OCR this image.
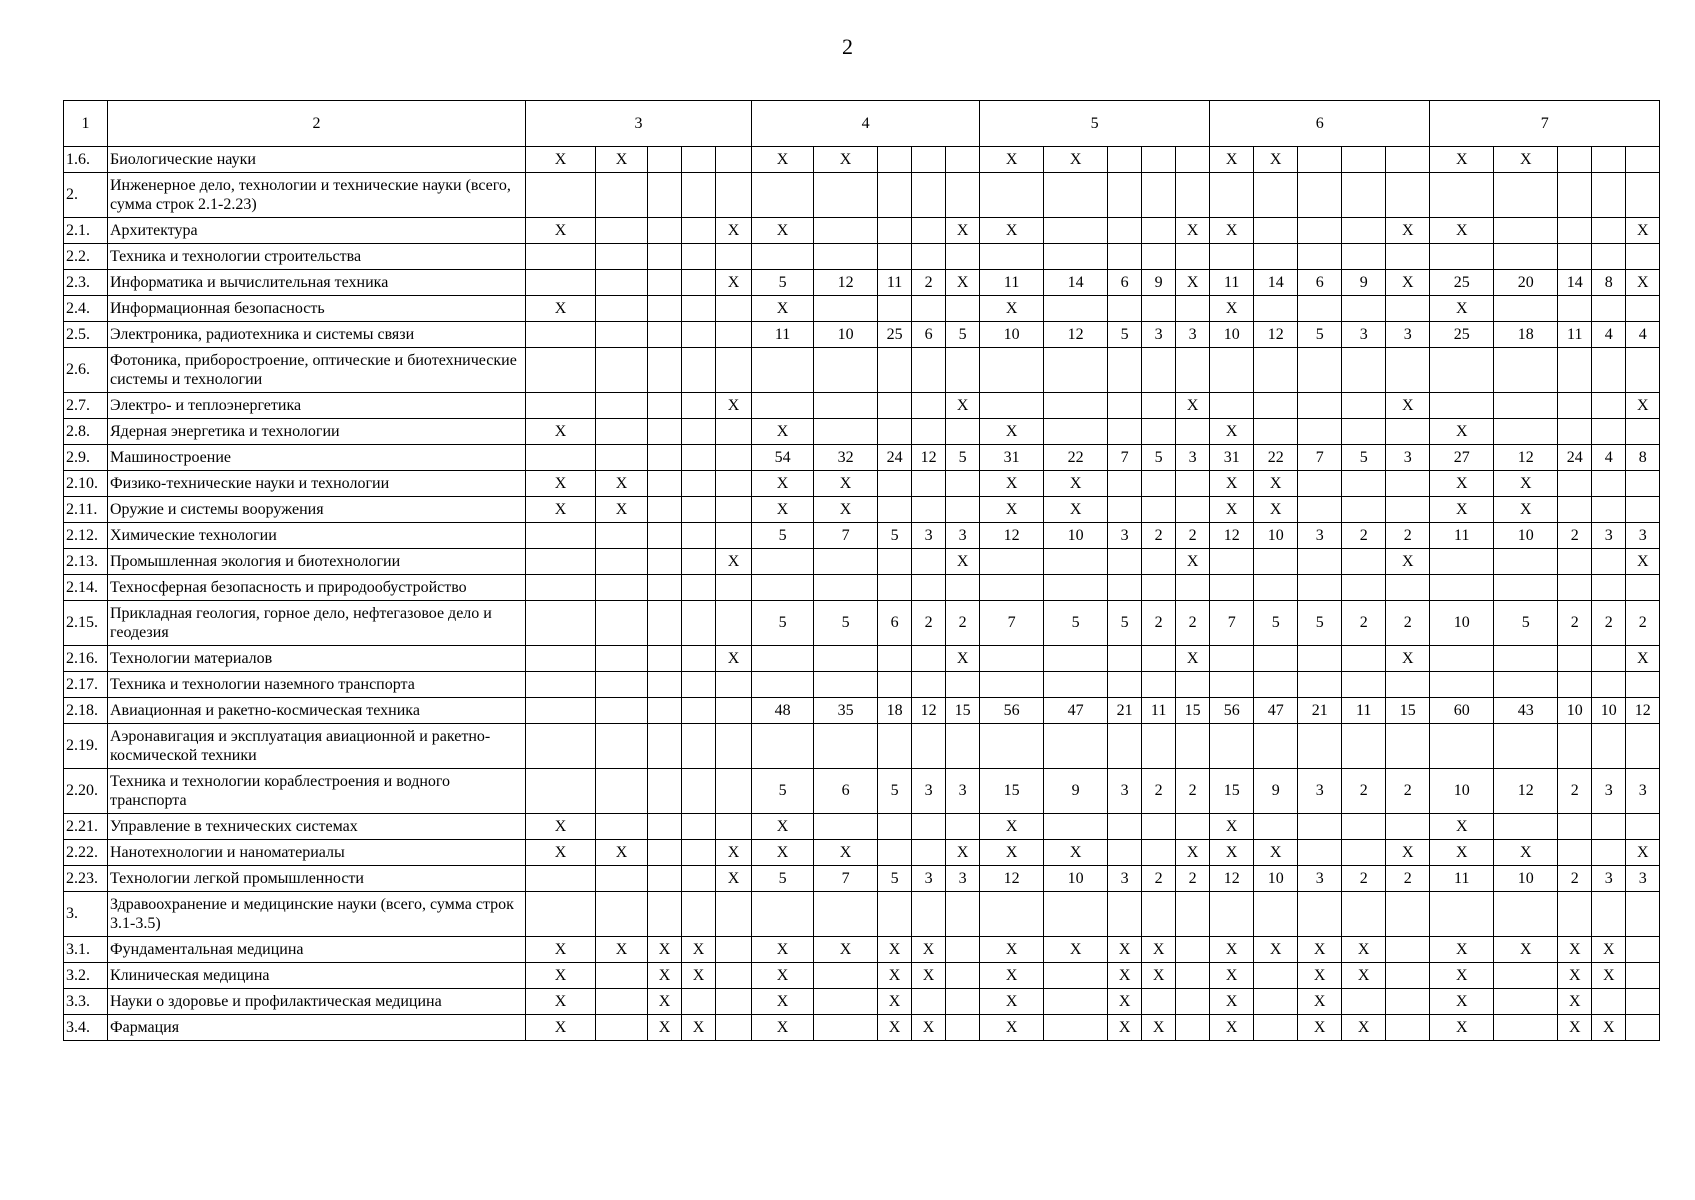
2
1	2	3					4					5					6					7				
1.6.	Биологические науки	X	X				X	X				X	X				X	X				X	X			
2.	Инженерное дело, технологии и технические науки (всего, сумма строк 2.1-2.23)																									
2.1.	Архитектура	X				X	X				X	X				X	X				X	X				X
2.2.	Техника и технологии строительства																									
2.3.	Информатика и вычислительная техника					X	5	12	11	2	X	11	14	6	9	X	11	14	6	9	X	25	20	14	8	X
2.4.	Информационная безопасность	X					X					X					X					X				
2.5.	Электроника, радиотехника и системы связи						11	10	25	6	5	10	12	5	3	3	10	12	5	3	3	25	18	11	4	4
2.6.	Фотоника, приборостроение, оптические и биотехнические системы и технологии																									
2.7.	Электро- и теплоэнергетика					X					X					X					X					X
2.8.	Ядерная энергетика и технологии	X					X					X					X					X				
2.9.	Машиностроение						54	32	24	12	5	31	22	7	5	3	31	22	7	5	3	27	12	24	4	8
2.10.	Физико-технические науки и технологии	X	X				X	X				X	X				X	X				X	X			
2.11.	Оружие и системы вооружения	X	X				X	X				X	X				X	X				X	X			
2.12.	Химические технологии						5	7	5	3	3	12	10	3	2	2	12	10	3	2	2	11	10	2	3	3
2.13.	Промышленная экология и биотехнологии					X					X					X					X					X
2.14.	Техносферная безопасность и природообустройство																									
2.15.	Прикладная геология, горное дело, нефтегазовое дело и геодезия						5	5	6	2	2	7	5	5	2	2	7	5	5	2	2	10	5	2	2	2
2.16.	Технологии материалов					X					X					X					X					X
2.17.	Техника и технологии наземного транспорта																									
2.18.	Авиационная и ракетно-космическая техника						48	35	18	12	15	56	47	21	11	15	56	47	21	11	15	60	43	10	10	12
2.19.	Аэронавигация и эксплуатация авиационной и ракетно-космической техники																									
2.20.	Техника и технологии кораблестроения и водного транспорта						5	6	5	3	3	15	9	3	2	2	15	9	3	2	2	10	12	2	3	3
2.21.	Управление в технических системах	X					X					X					X					X				
2.22.	Нанотехнологии и наноматериалы	X	X			X	X	X			X	X	X			X	X	X			X	X	X			X
2.23.	Технологии легкой промышленности					X	5	7	5	3	3	12	10	3	2	2	12	10	3	2	2	11	10	2	3	3
3.	Здравоохранение и медицинские науки (всего, сумма строк 3.1-3.5)																									
3.1.	Фундаментальная медицина	X	X	X	X		X	X	X	X		X	X	X	X		X	X	X	X		X	X	X	X	
3.2.	Клиническая медицина	X		X	X		X		X	X		X		X	X		X		X	X		X		X	X	
3.3.	Науки о здоровье и профилактическая медицина	X		X			X		X			X		X			X		X			X		X		
3.4.	Фармация	X		X	X		X		X	X		X		X	X		X		X	X		X		X	X	
